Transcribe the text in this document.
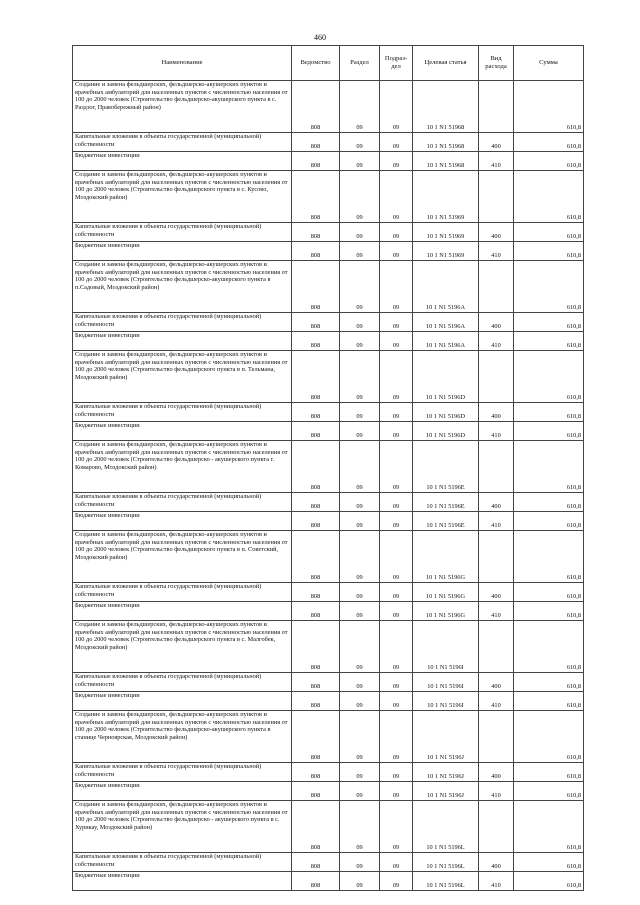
460
Наименование	Ведомство	Раздел	Подраз-дел	Целевая статья	Вид расхода	Сумма
Создание и замена фельдшерских, фельдшерско-акушерских пунктов и врачебных амбулаторий для населенных пунктов с численностью населения от 100 до 2000 человек (Строительство фельдшерско-акушерского пункта в с. Раздзог, Правобережный район)	808	09	09	10 1 N1 51968		610,8
Капитальные вложения в объекты государственной (муниципальной) собственности	808	09	09	10 1 N1 51968	400	610,8
Бюджетные инвестиции	808	09	09	10 1 N1 51968	410	610,8
Создание и замена фельдшерских, фельдшерско-акушерских пунктов и врачебных амбулаторий для населенных пунктов с численностью населения от 100 до 2000 человек (Строительство фельдшерского пункта в с. Кусово, Моздокский район)	808	09	09	10 1 N1 51969		610,8
Капитальные вложения в объекты государственной (муниципальной) собственности	808	09	09	10 1 N1 51969	400	610,8
Бюджетные инвестиции	808	09	09	10 1 N1 51969	410	610,8
Создание и замена фельдшерских, фельдшерско-акушерских пунктов и врачебных амбулаторий для населенных пунктов с численностью населения от 100 до 2000 человек (Строительство фельдшерско-акушерского пункта в п.Садовый, Моздокский район)	808	09	09	10 1 N1 5196A		610,8
Капитальные вложения в объекты государственной (муниципальной) собственности	808	09	09	10 1 N1 5196A	400	610,8
Бюджетные инвестиции	808	09	09	10 1 N1 5196A	410	610,8
Создание и замена фельдшерских, фельдшерско-акушерских пунктов и врачебных амбулаторий для населенных пунктов с численностью населения от 100 до 2000 человек (Строительство фельдшерского пункта в п. Тельмана, Моздокский район)	808	09	09	10 1 N1 5196D		610,8
Капитальные вложения в объекты государственной (муниципальной) собственности	808	09	09	10 1 N1 5196D	400	610,8
Бюджетные инвестиции	808	09	09	10 1 N1 5196D	410	610,8
Создание и замена фельдшерских, фельдшерско-акушерских пунктов и врачебных амбулаторий для населенных пунктов с численностью населения от 100 до 2000 человек (Строительство фельдшерско - акушерского пункта г. Комарово, Моздокский район)	808	09	09	10 1 N1 5196E		610,8
Капитальные вложения в объекты государственной (муниципальной) собственности	808	09	09	10 1 N1 5196E	400	610,8
Бюджетные инвестиции	808	09	09	10 1 N1 5196E	410	610,8
Создание и замена фельдшерских, фельдшерско-акушерских пунктов и врачебных амбулаторий для населенных пунктов с численностью населения от 100 до 2000 человек (Строительство фельдшерского пункта в п. Советский, Моздокский район)	808	09	09	10 1 N1 5196G		610,8
Капитальные вложения в объекты государственной (муниципальной) собственности	808	09	09	10 1 N1 5196G	400	610,8
Бюджетные инвестиции	808	09	09	10 1 N1 5196G	410	610,8
Создание и замена фельдшерских, фельдшерско-акушерских пунктов и врачебных амбулаторий для населенных пунктов с численностью населения от 100 до 2000 человек (Строительство фельдшерского пункта в с. Малгобек, Моздокский район)	808	09	09	10 1 N1 5196I		610,8
Капитальные вложения в объекты государственной (муниципальной) собственности	808	09	09	10 1 N1 5196I	400	610,8
Бюджетные инвестиции	808	09	09	10 1 N1 5196I	410	610,8
Создание и замена фельдшерских, фельдшерско-акушерских пунктов и врачебных амбулаторий для населенных пунктов с численностью населения от 100 до 2000 человек (Строительство фельдшерско-акушерского пункта в станице Черноярская, Моздокский район)	808	09	09	10 1 N1 5196J		610,8
Капитальные вложения в объекты государственной (муниципальной) собственности	808	09	09	10 1 N1 5196J	400	610,8
Бюджетные инвестиции	808	09	09	10 1 N1 5196J	410	610,8
Создание и замена фельдшерских, фельдшерско-акушерских пунктов и врачебных амбулаторий для населенных пунктов с численностью населения от 100 до 2000 человек (Строительство фельдшерско - акушерского пункта в с. Хурикау, Моздокский район)	808	09	09	10 1 N1 5196L		610,8
Капитальные вложения в объекты государственной (муниципальной) собственности	808	09	09	10 1 N1 5196L	400	610,8
Бюджетные инвестиции	808	09	09	10 1 N1 5196L	410	610,8
